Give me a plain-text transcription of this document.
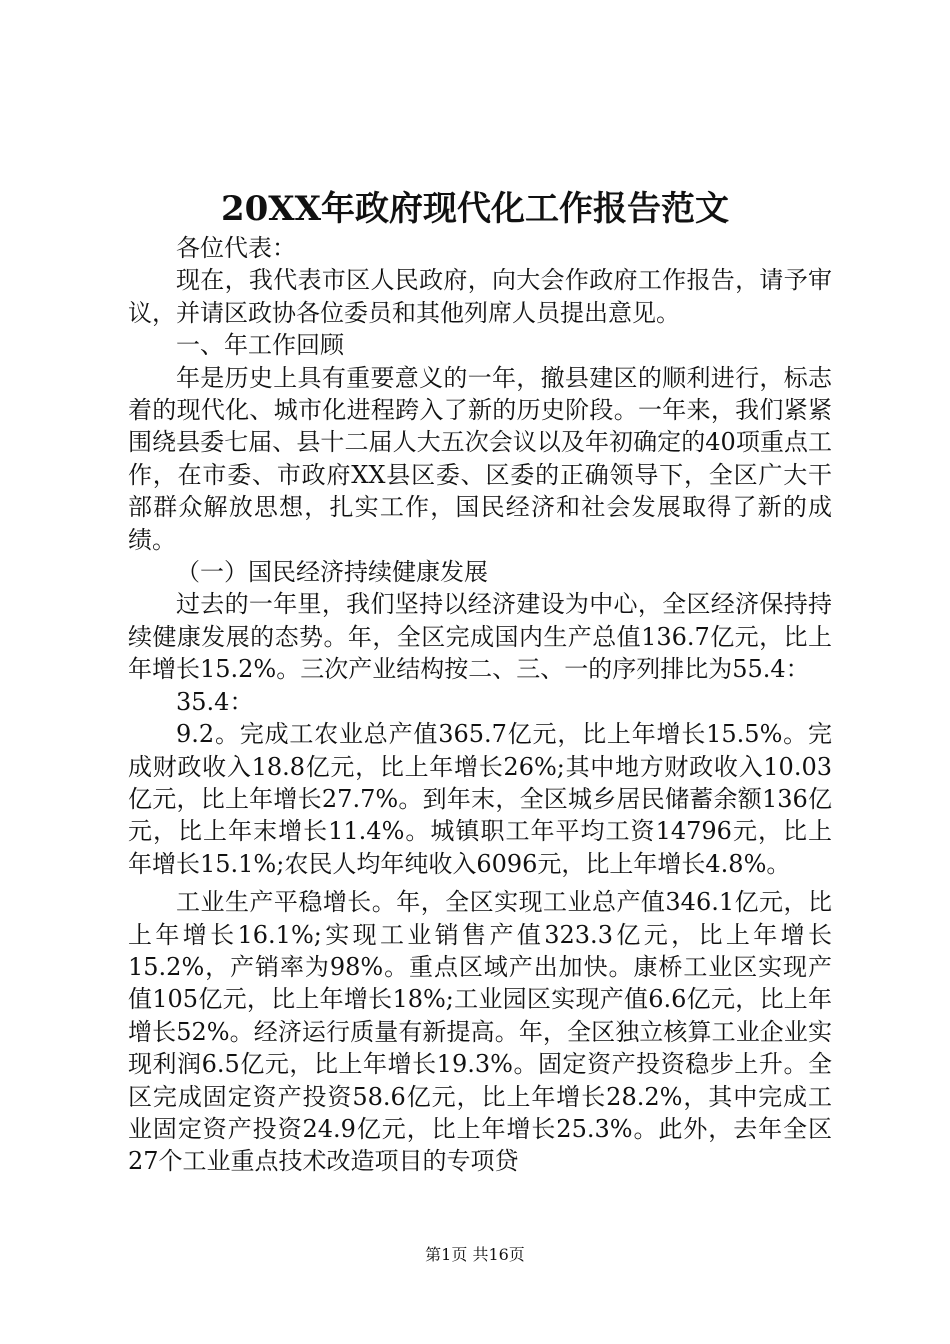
20XX年政府现代化工作报告范文

各位代表：

现在，我代表市区人民政府，向大会作政府工作报告，请予审议，并请区政协各位委员和其他列席人员提出意见。

一、年工作回顾

年是历史上具有重要意义的一年，撤县建区的顺利进行，标志着的现代化、城市化进程跨入了新的历史阶段。一年来，我们紧紧围绕县委七届、县十二届人大五次会议以及年初确定的40项重点工作，在市委、市政府XX县区委、区委的正确领导下，全区广大干部群众解放思想，扎实工作，国民经济和社会发展取得了新的成绩。

（一）国民经济持续健康发展

过去的一年里，我们坚持以经济建设为中心，全区经济保持持续健康发展的态势。年，全区完成国内生产总值136.7亿元，比上年增长15.2%。三次产业结构按二、三、一的序列排比为55.4：

35.4：

9.2。完成工农业总产值365.7亿元，比上年增长15.5%。完成财政收入18.8亿元，比上年增长26%;其中地方财政收入10.03亿元，比上年增长27.7%。到年末，全区城乡居民储蓄余额136亿元，比上年末增长11.4%。城镇职工年平均工资14796元，比上年增长15.1%;农民人均年纯收入6096元，比上年增长4.8%。

工业生产平稳增长。年，全区实现工业总产值346.1亿元，比上年增长16.1%;实现工业销售产值323.3亿元，比上年增长15.2%，产销率为98%。重点区域产出加快。康桥工业区实现产值105亿元，比上年增长18%;工业园区实现产值6.6亿元，比上年增长52%。经济运行质量有新提高。年，全区独立核算工业企业实现利润6.5亿元，比上年增长19.3%。固定资产投资稳步上升。全区完成固定资产投资58.6亿元，比上年增长28.2%，其中完成工业固定资产投资24.9亿元，比上年增长25.3%。此外，去年全区27个工业重点技术改造项目的专项贷

第1页 共16页
